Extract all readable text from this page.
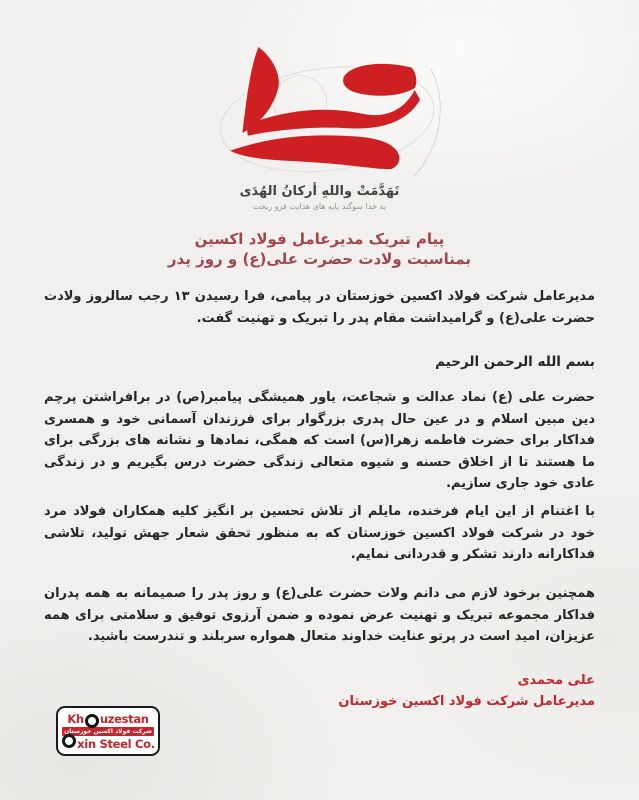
تَهَدَّمَتْ واللهِ أرکانُ الهُدَی
به خدا سوگند پایه های هدایت فرو ریخت
پیام تبریک مدیرعامل فولاد اکسین
بمناسبت ولادت حضرت علی(ع) و روز پدر
مدیرعامل شرکت فولاد اکسین خوزستان در پیامی، فرا رسیدن ۱۳ رجب سالروز ولادت حضرت علی(ع) و گرامیداشت مقام پدر را تبریک و تهنیت گفت.
بسم الله الرحمن الرحیم
حضرت علی (ع) نماد عدالت و شجاعت، یاور همیشگی پیامبر(ص) در برافراشتن پرچم دین مبین اسلام و در عین حال پدری بزرگوار برای فرزندان آسمانی خود و همسری فداکار برای حضرت فاطمه زهرا(س) است که همگی، نمادها و نشانه های بزرگی برای ما هستند تا از اخلاق حسنه و شیوه متعالی زندگی حضرت درس بگیریم و در زندگی عادی خود جاری سازیم.
با اغتنام از این ایام فرخنده، مایلم از تلاش تحسین بر انگیز کلیه همکاران فولاد مرد خود در شرکت فولاد اکسین خوزستان که به منظور تحقق شعار جهش تولید، تلاشی فداکارانه دارند تشکر و قدردانی نمایم.
همچنین برخود لازم می دانم ولات حضرت علی(ع) و روز پدر را صمیمانه به همه پدران فداکار مجموعه تبریک و تهنیت عرض نموده و ضمن آرزوی توفیق و سلامتی برای همه عزیزان، امید است در پرتو عنایت خداوند متعال همواره سربلند و تندرست باشید.
علی محمدی
مدیرعامل شرکت فولاد اکسین خوزستان
Kh uzestan
شرکت فولاد اکسین خوزستان
xin Steel Co.
